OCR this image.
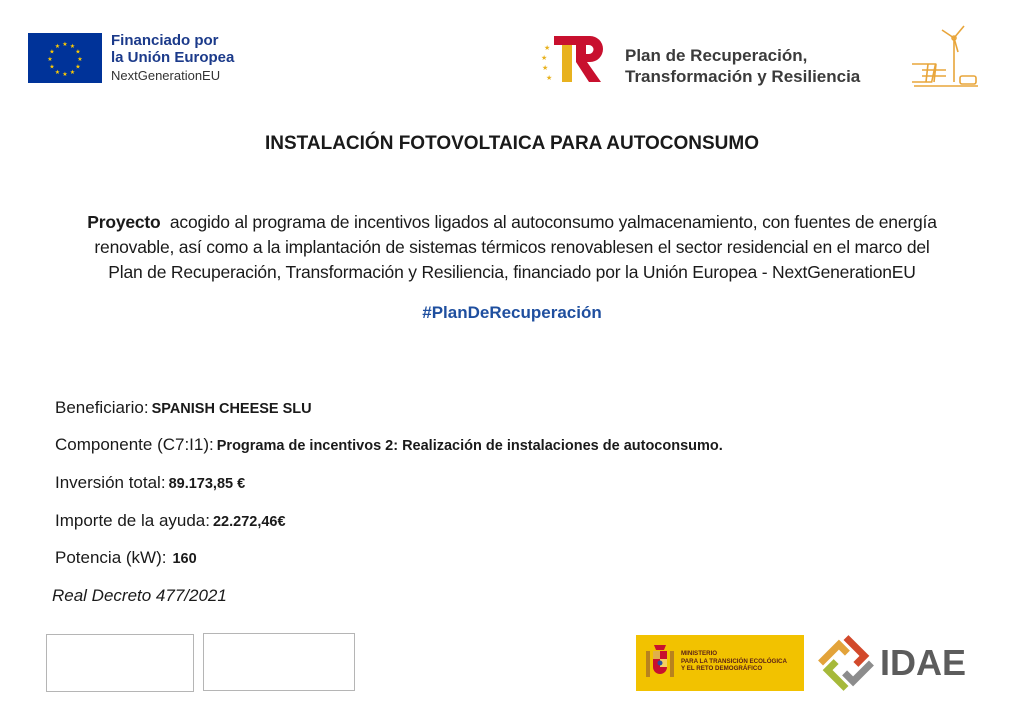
★ ★
★
★
★
★
★
★
★
★
★
★	Financiado por
la Unión Europea
NextGenerationEU
★
★
★
★
Plan de Recuperación,
Transformación y Resiliencia
INSTALACIÓN FOTOVOLTAICA PARA AUTOCONSUMO
Proyecto acogido al programa de incentivos ligados al autoconsumo yalmacenamiento, con fuentes de energía
renovable, así como a la implantación de sistemas térmicos renovablesen el sector residencial en el marco del
Plan de Recuperación, Transformación y Resiliencia, financiado por la Unión Europea - NextGenerationEU
#PlanDeRecuperación
Beneficiario: SPANISH CHEESE SLU
Componente (C7:I1): Programa de incentivos 2: Realización de instalaciones de autoconsumo.
Inversión total: 89.173,85 €
Importe de la ayuda: 22.272,46€
Potencia (kW): 160
Real Decreto 477/2021
MINISTERIO
PARA LA TRANSICIÓN ECOLÓGICA
Y EL RETO DEMOGRÁFICO	IDAE
